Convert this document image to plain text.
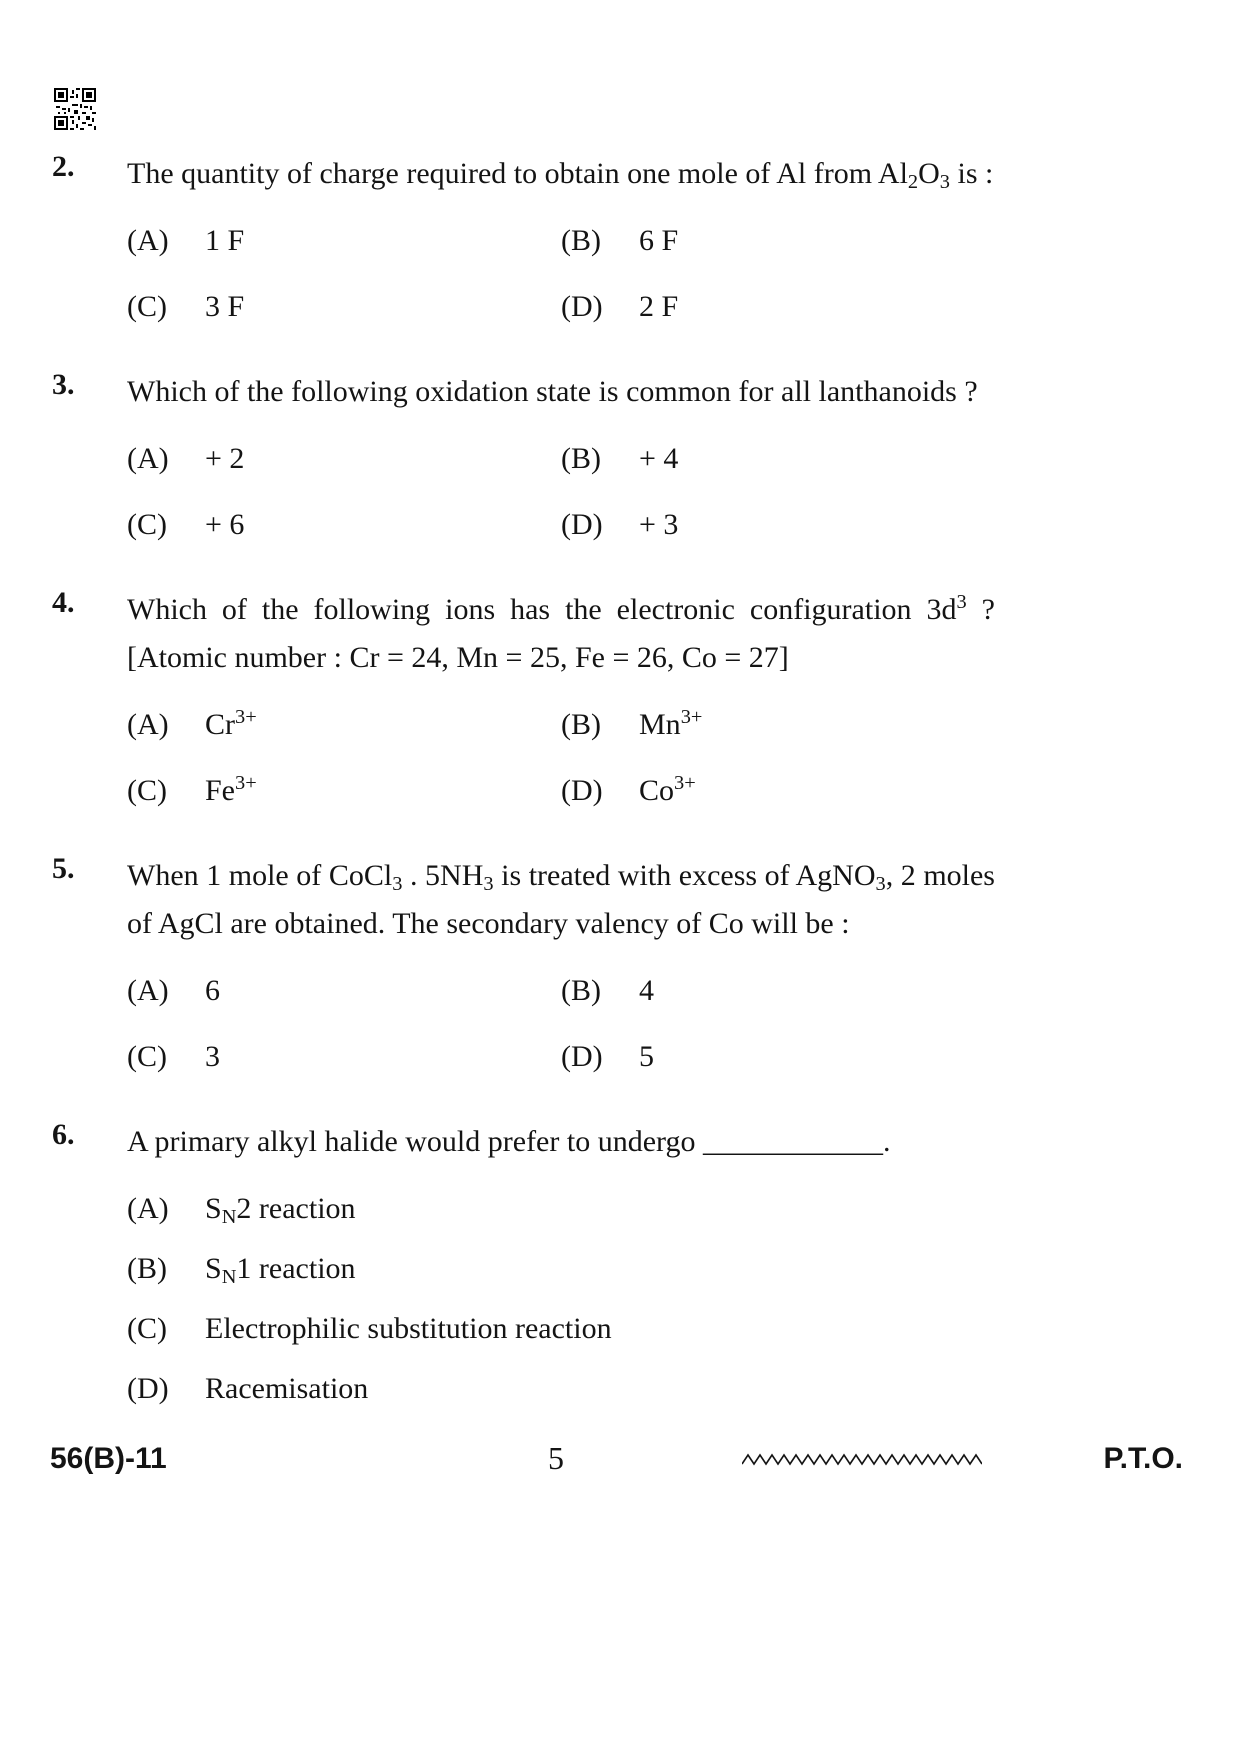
2.	The quantity of charge required to obtain one mole of Al from $Al_2O_3$ is :
(A)	1 F	(B)	6 F
(C)	3 F	(D)	2 F
3.	Which of the following oxidation state is common for all lanthanoids ?
(A)	+ 2	(B)	+ 4
(C)	+ 6	(D)	+ 3
4.	Which of the following ions has the electronic configuration $3d^3$ ? [Atomic number : Cr = 24, Mn = 25, Fe = 26, Co = 27]
(A)	$Cr^{3+}$	(B)	$Mn^{3+}$
(C)	$Fe^{3+}$	(D)	$Co^{3+}$
5.	When 1 mole of CoCl$_3$ . $5NH_3$ is treated with excess of AgNO$_3$, 2 moles of AgCl are obtained. The secondary valency of Co will be :
(A)	6	(B)	4
(C)	3	(D)	5
6.	A primary alkyl halide would prefer to undergo ____________.
(A)	$S_N2$ reaction
(B)	$S_N1$ reaction
(C)	Electrophilic substitution reaction
(D)	Racemisation
56(B)-11	5	P.T.O.
